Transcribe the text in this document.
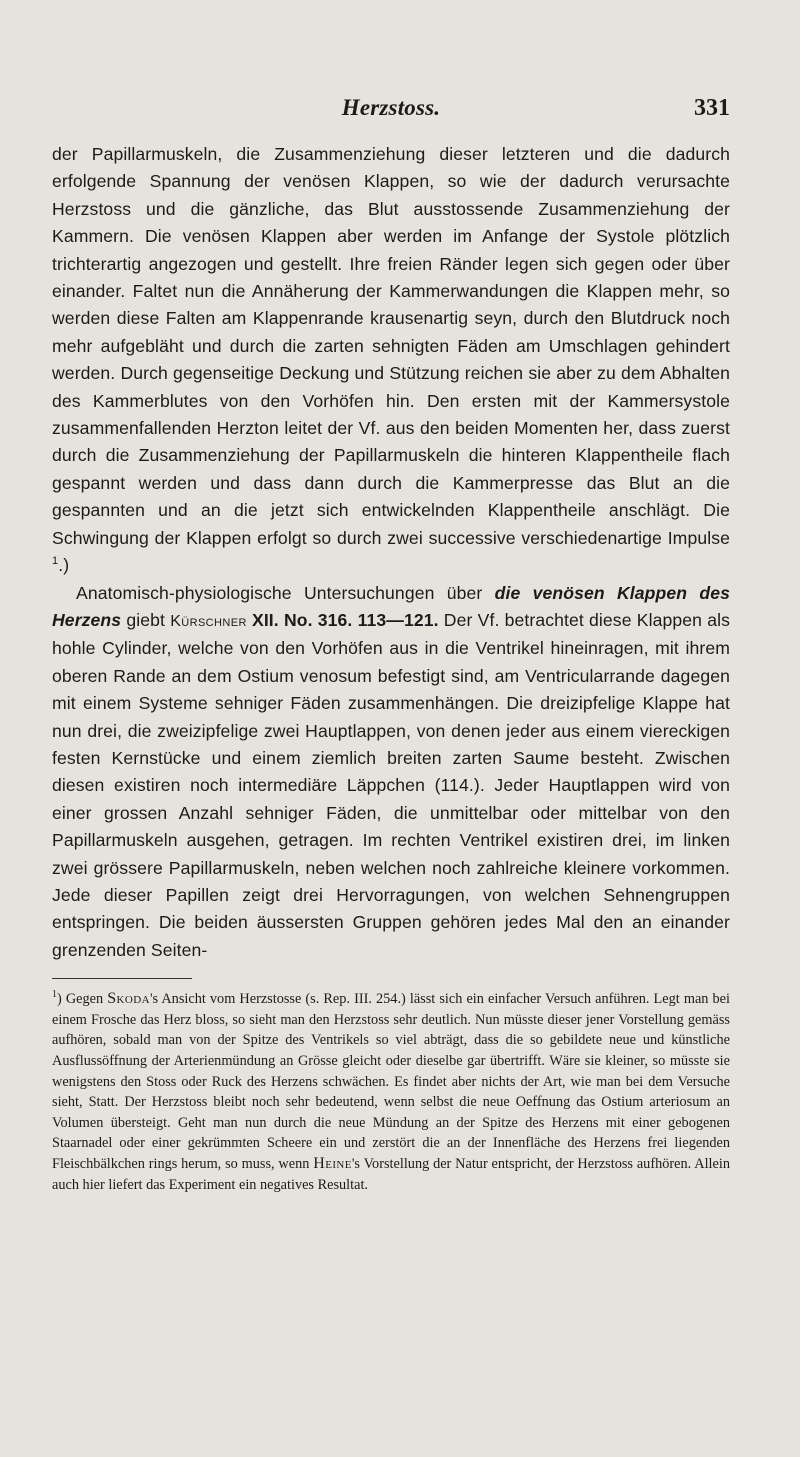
Herzstoss.	331

der Papillarmuskeln, die Zusammenziehung dieser letzteren und die dadurch erfolgende Spannung der venösen Klappen, so wie der dadurch verursachte Herzstoss und die gänzliche, das Blut ausstossende Zusammenziehung der Kammern. Die venösen Klappen aber werden im Anfange der Systole plötzlich trichterartig angezogen und gestellt. Ihre freien Ränder legen sich gegen oder über einander. Faltet nun die Annäherung der Kammerwandungen die Klappen mehr, so werden diese Falten am Klappenrande krausenartig seyn, durch den Blutdruck noch mehr aufgebläht und durch die zarten sehnigten Fäden am Umschlagen gehindert werden. Durch gegenseitige Deckung und Stützung reichen sie aber zu dem Abhalten des Kammerblutes von den Vorhöfen hin. Den ersten mit der Kammersystole zusammenfallenden Herzton leitet der Vf. aus den beiden Momenten her, dass zuerst durch die Zusammenziehung der Papillarmuskeln die hinteren Klappentheile flach gespannt werden und dass dann durch die Kammerpresse das Blut an die gespannten und an die jetzt sich entwickelnden Klappentheile anschlägt. Die Schwingung der Klappen erfolgt so durch zwei successive verschiedenartige Impulse $^1$.)

Anatomisch-physiologische Untersuchungen über die venösen Klappen des Herzens giebt Kürschner XII. No. 316. 113—121. Der Vf. betrachtet diese Klappen als hohle Cylinder, welche von den Vorhöfen aus in die Ventrikel hineinragen, mit ihrem oberen Rande an dem Ostium venosum befestigt sind, am Ventricularrande dagegen mit einem Systeme sehniger Fäden zusammenhängen. Die dreizipfelige Klappe hat nun drei, die zweizipfelige zwei Hauptlappen, von denen jeder aus einem viereckigen festen Kernstücke und einem ziemlich breiten zarten Saume besteht. Zwischen diesen existiren noch intermediäre Läppchen (114.). Jeder Hauptlappen wird von einer grossen Anzahl sehniger Fäden, die unmittelbar oder mittelbar von den Papillarmuskeln ausgehen, getragen. Im rechten Ventrikel existiren drei, im linken zwei grössere Papillarmuskeln, neben welchen noch zahlreiche kleinere vorkommen. Jede dieser Papillen zeigt drei Hervorragungen, von welchen Sehnengruppen entspringen. Die beiden äussersten Gruppen gehören jedes Mal den an einander grenzenden Seiten-

$^1$) Gegen Skoda's Ansicht vom Herzstosse (s. Rep. III. 254.) lässt sich ein einfacher Versuch anführen. Legt man bei einem Frosche das Herz bloss, so sieht man den Herzstoss sehr deutlich. Nun müsste dieser jener Vorstellung gemäss aufhören, sobald man von der Spitze des Ventrikels so viel abträgt, dass die so gebildete neue und künstliche Ausflussöffnung der Arterienmündung an Grösse gleicht oder dieselbe gar übertrifft. Wäre sie kleiner, so müsste sie wenigstens den Stoss oder Ruck des Herzens schwächen. Es findet aber nichts der Art, wie man bei dem Versuche sieht, Statt. Der Herzstoss bleibt noch sehr bedeutend, wenn selbst die neue Oeffnung das Ostium arteriosum an Volumen übersteigt. Geht man nun durch die neue Mündung an der Spitze des Herzens mit einer gebogenen Staarnadel oder einer gekrümmten Scheere ein und zerstört die an der Innenfläche des Herzens frei liegenden Fleischbälkchen rings herum, so muss, wenn Heine's Vorstellung der Natur entspricht, der Herzstoss aufhören. Allein auch hier liefert das Experiment ein negatives Resultat.
